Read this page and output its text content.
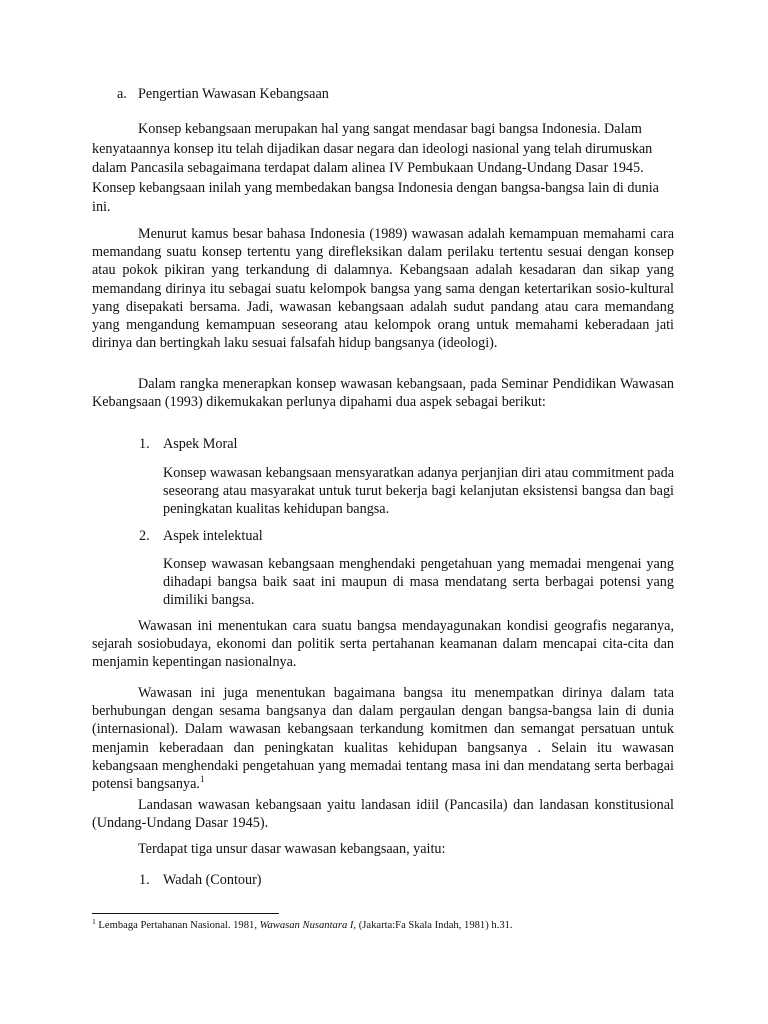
a. Pengertian Wawasan Kebangsaan

Konsep kebangsaan merupakan hal yang sangat mendasar bagi bangsa Indonesia. Dalam kenyataannya konsep itu telah dijadikan dasar negara dan ideologi nasional yang telah dirumuskan dalam Pancasila sebagaimana terdapat dalam alinea IV Pembukaan Undang-Undang Dasar 1945. Konsep kebangsaan inilah yang membedakan bangsa Indonesia dengan bangsa-bangsa lain di dunia ini.

Menurut kamus besar bahasa Indonesia (1989) wawasan adalah kemampuan memahami cara memandang suatu konsep tertentu yang direfleksikan dalam perilaku tertentu sesuai dengan konsep atau pokok pikiran yang terkandung di dalamnya. Kebangsaan adalah kesadaran dan sikap yang memandang dirinya itu sebagai suatu kelompok bangsa yang sama dengan ketertarikan sosio-kultural yang disepakati bersama. Jadi, wawasan kebangsaan adalah sudut pandang atau cara memandang yang mengandung kemampuan seseorang atau kelompok orang untuk memahami keberadaan jati dirinya dan bertingkah laku sesuai falsafah hidup bangsanya (ideologi).

Dalam rangka menerapkan konsep wawasan kebangsaan, pada Seminar Pendidikan Wawasan Kebangsaan (1993) dikemukakan perlunya dipahami dua aspek sebagai berikut:

1. Aspek Moral

Konsep wawasan kebangsaan mensyaratkan adanya perjanjian diri atau commitment pada seseorang atau masyarakat untuk turut bekerja bagi kelanjutan eksistensi bangsa dan bagi peningkatan kualitas kehidupan bangsa.

2. Aspek intelektual

Konsep wawasan kebangsaan menghendaki pengetahuan yang memadai mengenai yang dihadapi bangsa baik saat ini maupun di masa mendatang serta berbagai potensi yang dimiliki bangsa.

Wawasan ini menentukan cara suatu bangsa mendayagunakan kondisi geografis negaranya, sejarah sosiobudaya, ekonomi dan politik serta pertahanan keamanan dalam mencapai cita-cita dan menjamin kepentingan nasionalnya.

Wawasan ini juga menentukan bagaimana bangsa itu menempatkan dirinya dalam tata berhubungan dengan sesama bangsanya dan dalam pergaulan dengan bangsa-bangsa lain di dunia (internasional). Dalam wawasan kebangsaan terkandung komitmen dan semangat persatuan untuk menjamin keberadaan dan peningkatan kualitas kehidupan bangsanya . Selain itu wawasan kebangsaan menghendaki pengetahuan yang memadai tentang masa ini dan mendatang serta berbagai potensi bangsanya.$^1$

Landasan wawasan kebangsaan yaitu landasan idiil (Pancasila) dan landasan konstitusional (Undang-Undang Dasar 1945).

Terdapat tiga unsur dasar wawasan kebangsaan, yaitu:

1. Wadah (Contour)
$^1$ Lembaga Pertahanan Nasional. 1981, Wawasan Nusantara I, (Jakarta:Fa Skala Indah, 1981) h.31.
